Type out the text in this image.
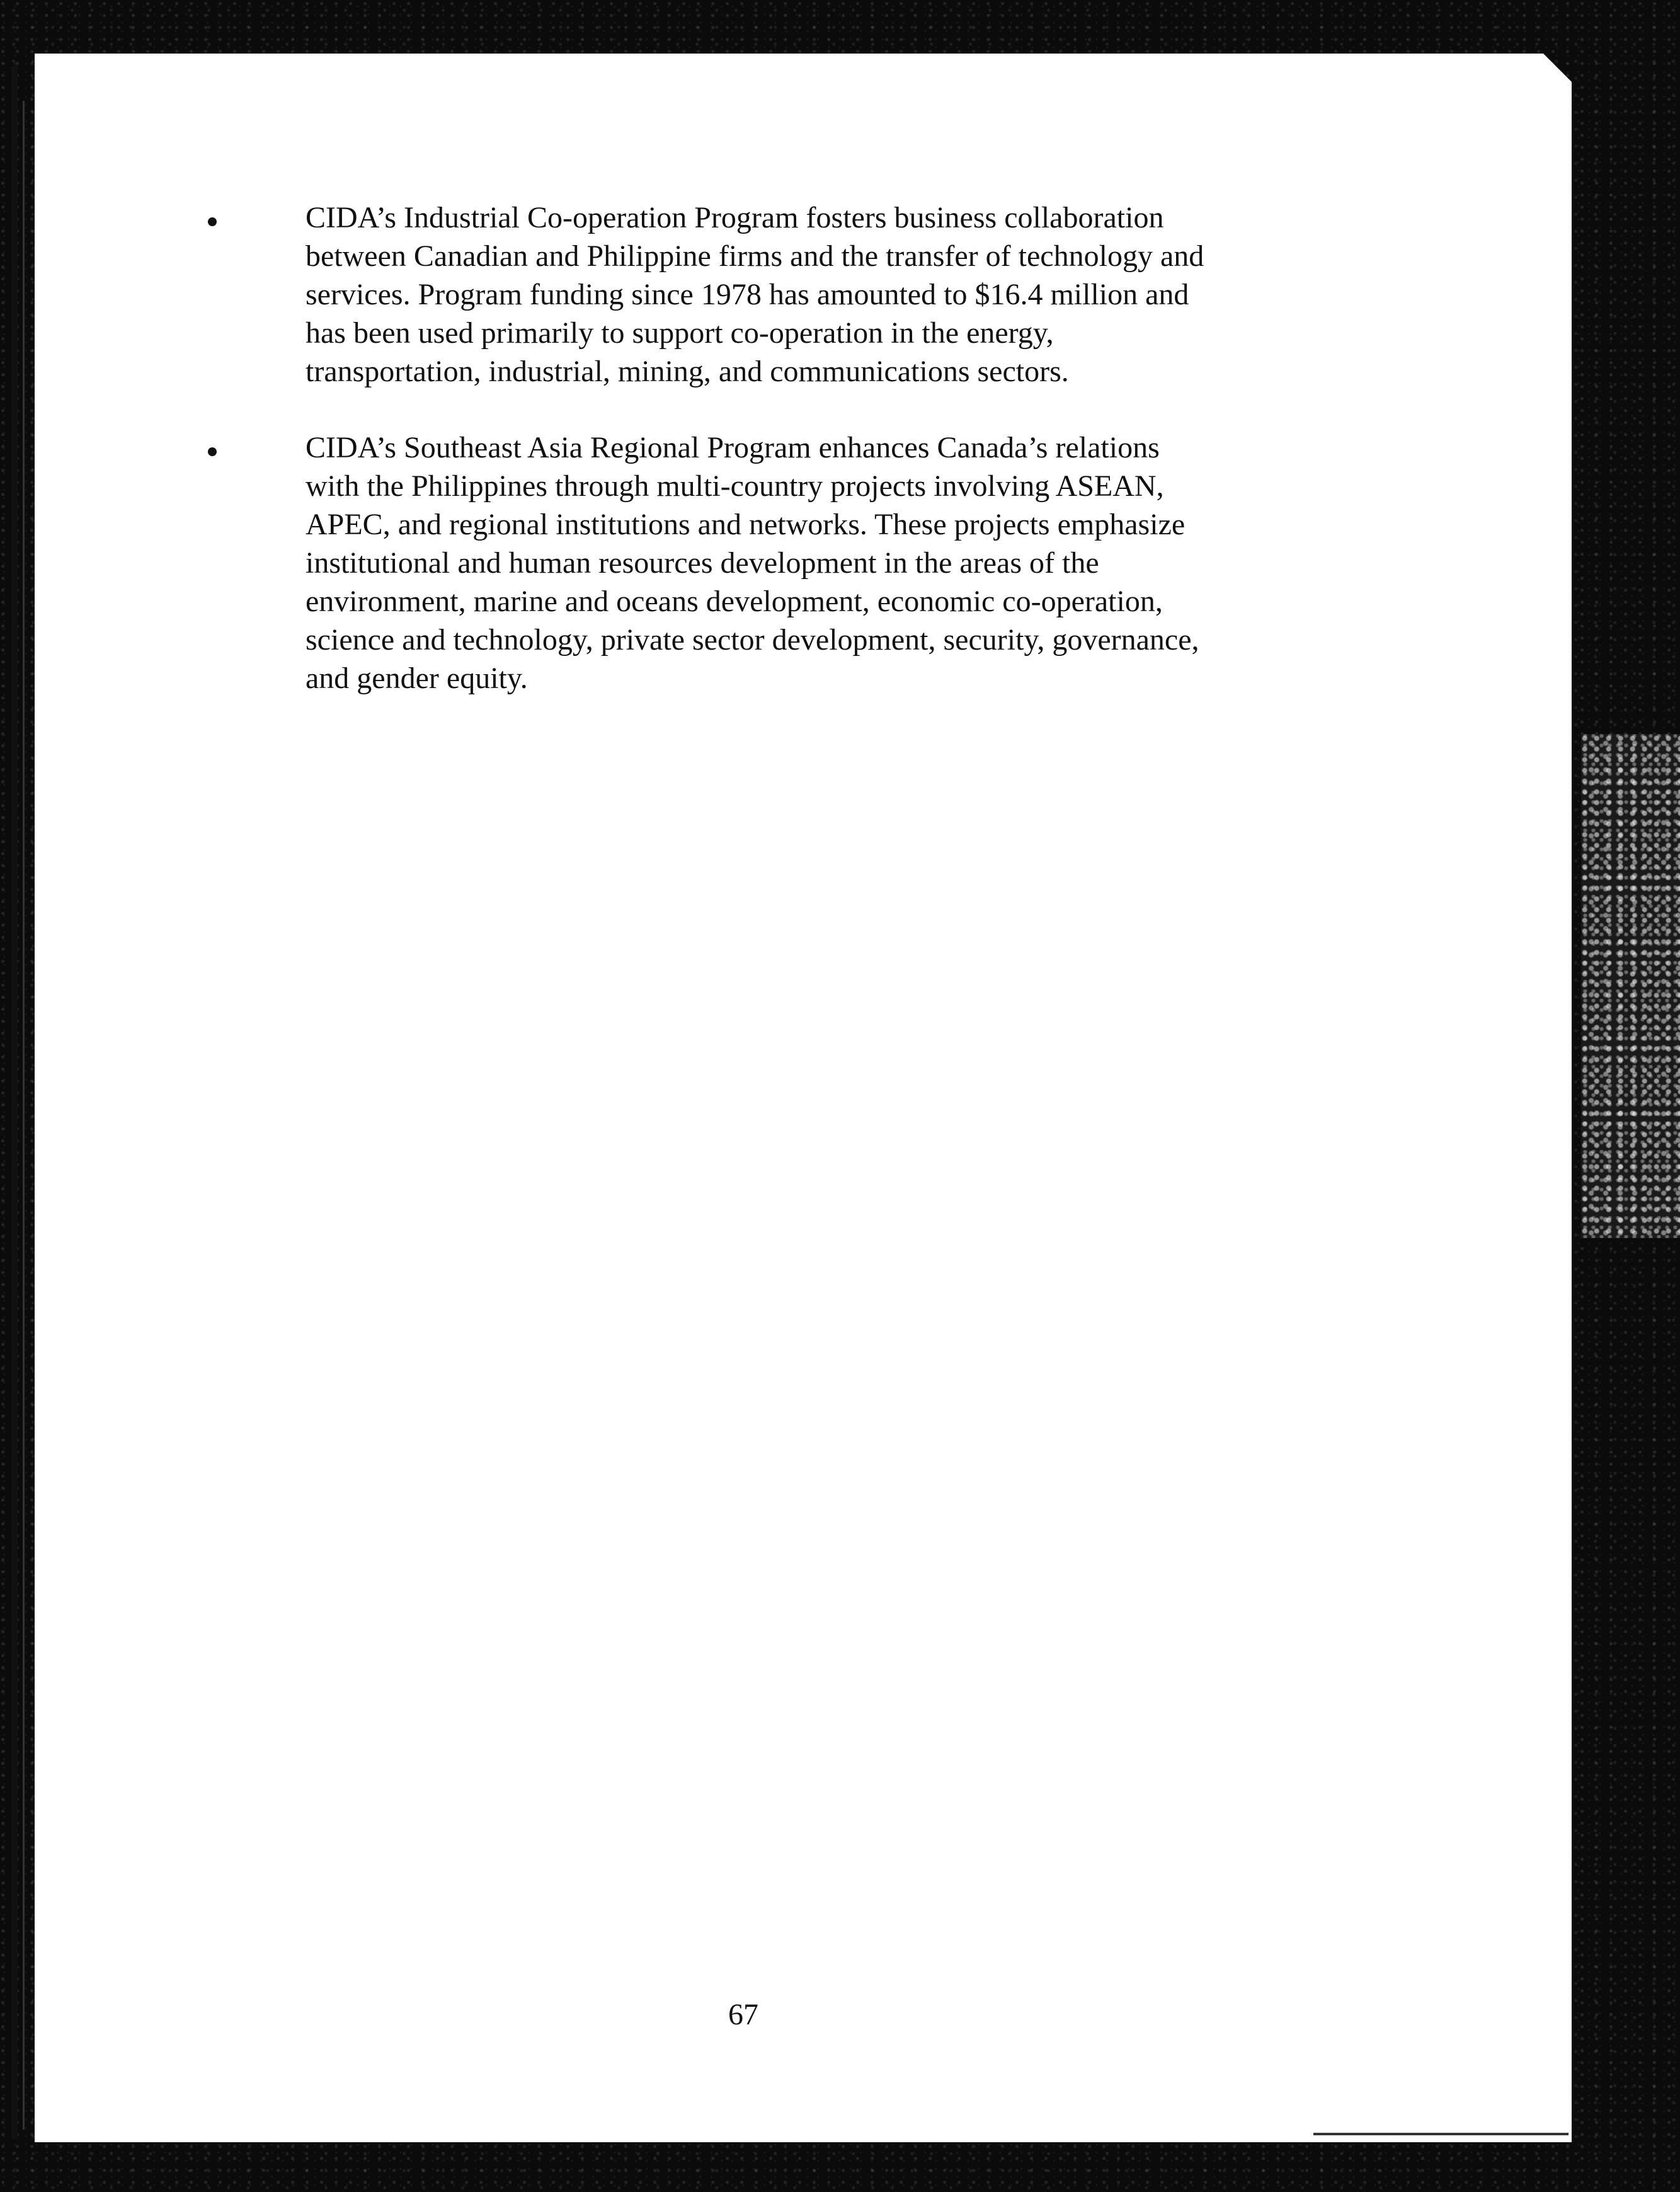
CIDA’s Industrial Co-operation Program fosters business collaboration
between Canadian and Philippine firms and the transfer of technology and
services. Program funding since 1978 has amounted to $16.4 million and
has been used primarily to support co-operation in the energy,
transportation, industrial, mining, and communications sectors.
CIDA’s Southeast Asia Regional Program enhances Canada’s relations
with the Philippines through multi-country projects involving ASEAN,
APEC, and regional institutions and networks. These projects emphasize
institutional and human resources development in the areas of the
environment, marine and oceans development, economic co-operation,
science and technology, private sector development, security, governance,
and gender equity.
67
